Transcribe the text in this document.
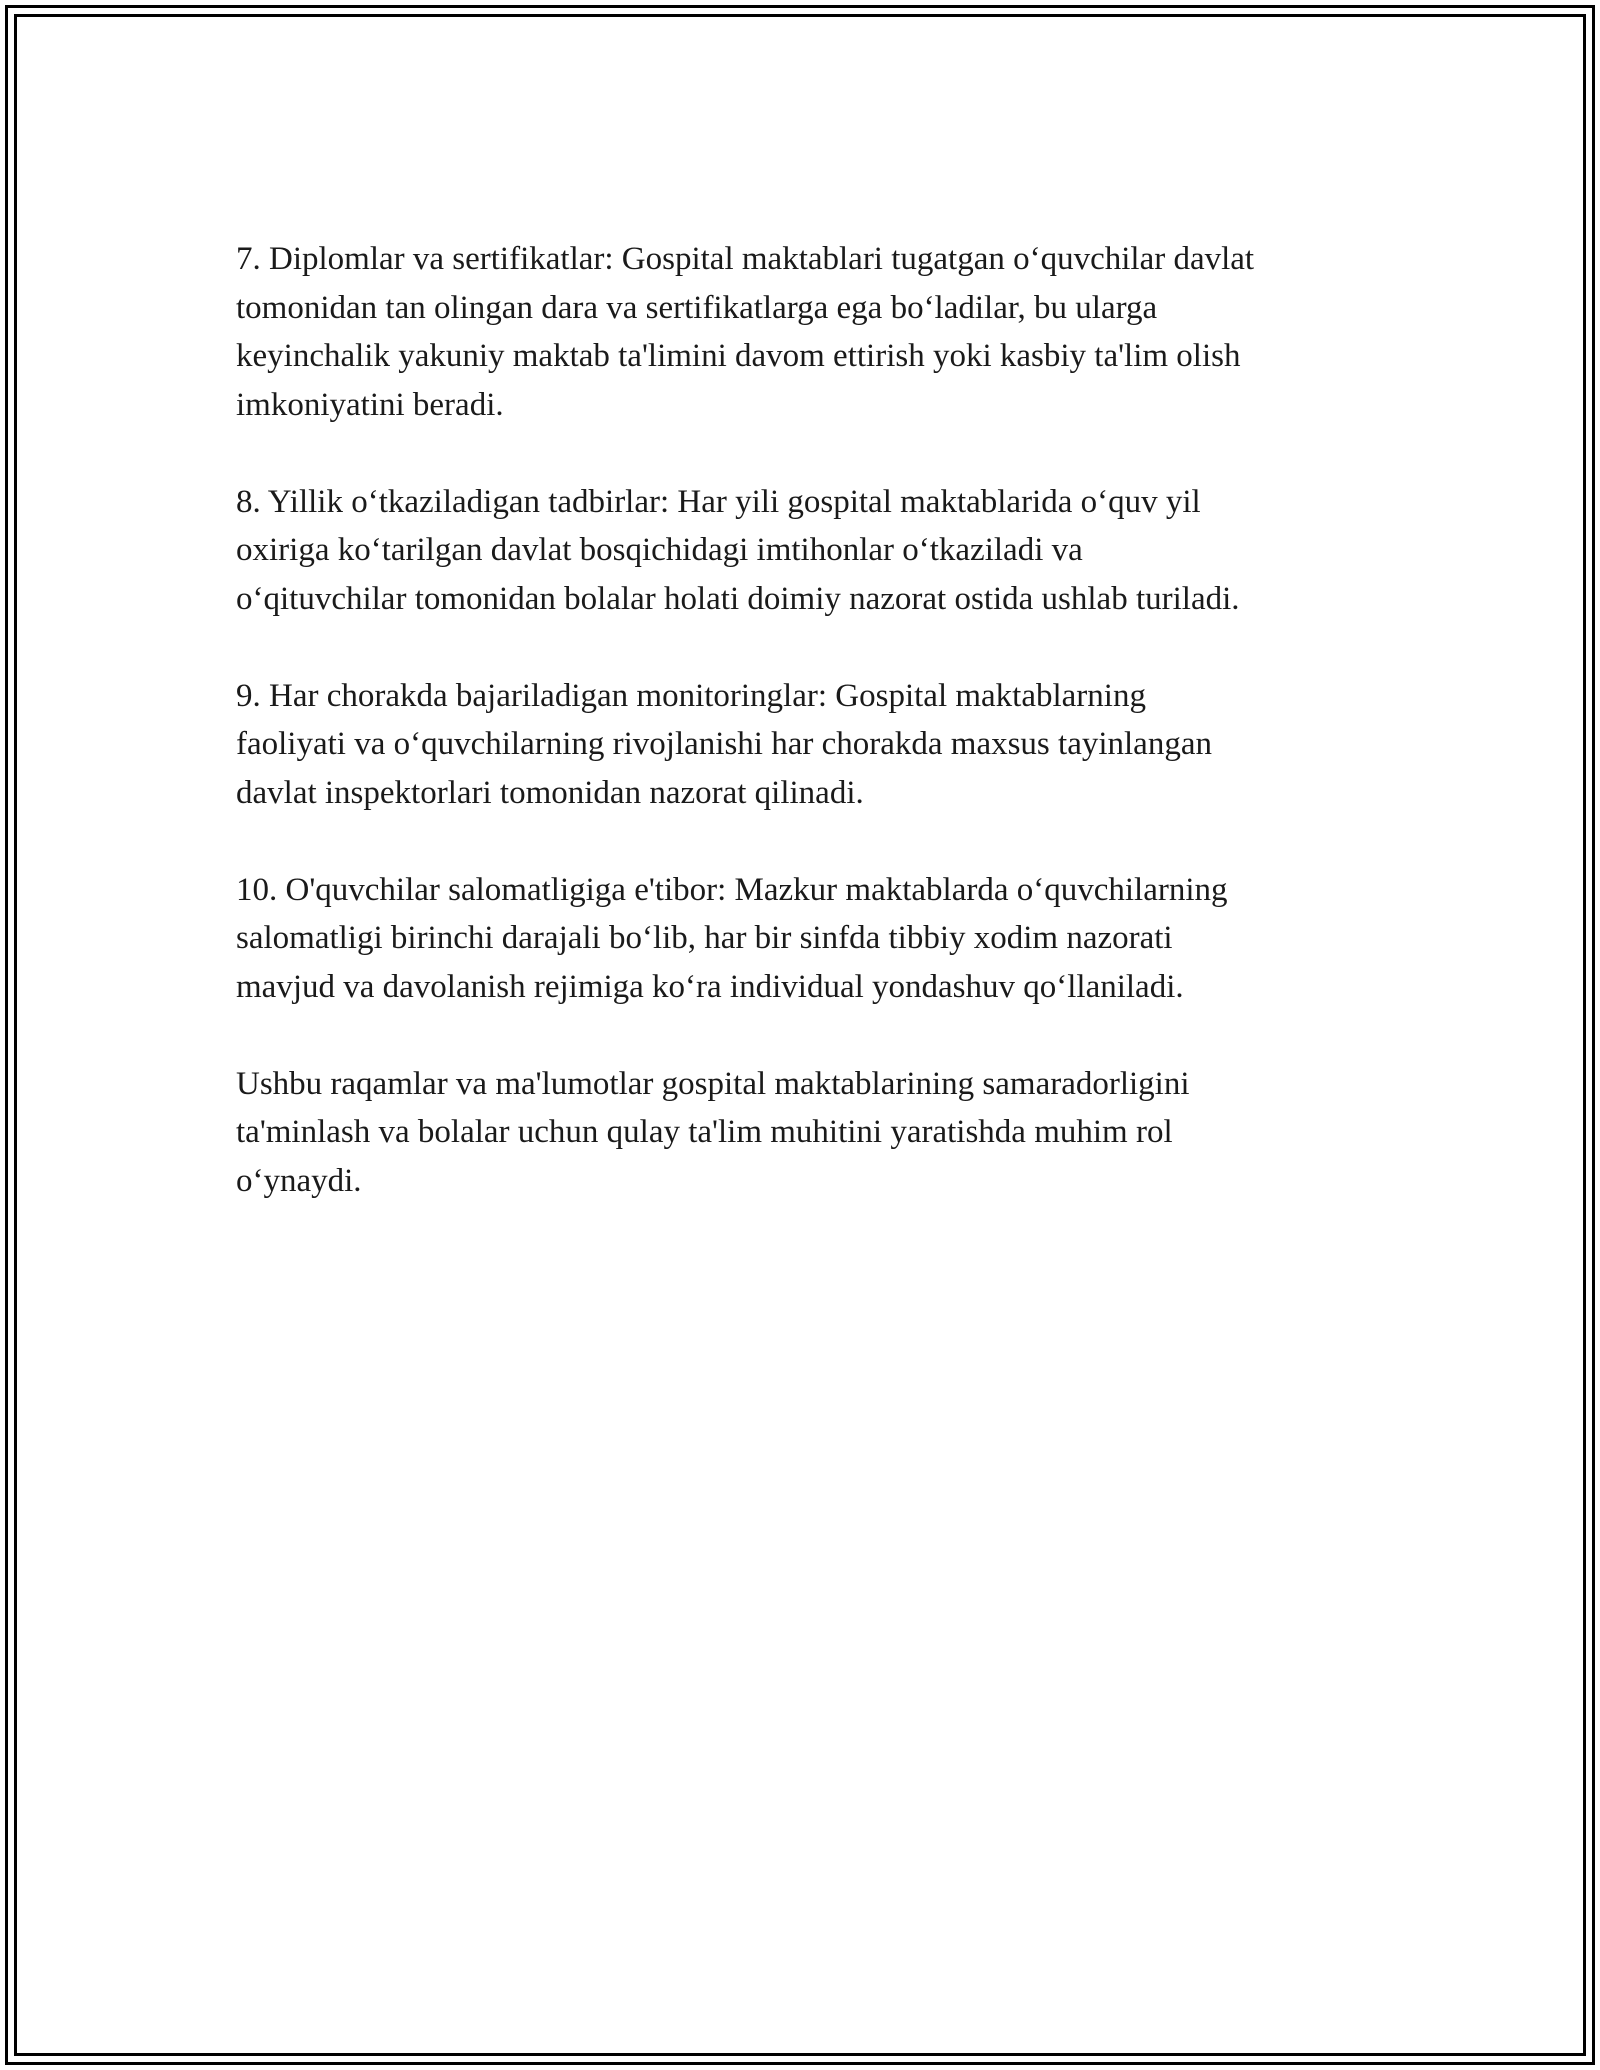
7. Diplomlar va sertifikatlar: Gospital maktablari tugatgan o‘quvchilar davlat
tomonidan tan olingan dara va sertifikatlarga ega bo‘ladilar, bu ularga
keyinchalik yakuniy maktab ta'limini davom ettirish yoki kasbiy ta'lim olish
imkoniyatini beradi.

8. Yillik o‘tkaziladigan tadbirlar: Har yili gospital maktablarida o‘quv yil
oxiriga ko‘tarilgan davlat bosqichidagi imtihonlar o‘tkaziladi va
o‘qituvchilar tomonidan bolalar holati doimiy nazorat ostida ushlab turiladi.

9. Har chorakda bajariladigan monitoringlar: Gospital maktablarning
faoliyati va o‘quvchilarning rivojlanishi har chorakda maxsus tayinlangan
davlat inspektorlari tomonidan nazorat qilinadi.

10. O'quvchilar salomatligiga e'tibor: Mazkur maktablarda o‘quvchilarning
salomatligi birinchi darajali bo‘lib, har bir sinfda tibbiy xodim nazorati
mavjud va davolanish rejimiga ko‘ra individual yondashuv qo‘llaniladi.

Ushbu raqamlar va ma'lumotlar gospital maktablarining samaradorligini
ta'minlash va bolalar uchun qulay ta'lim muhitini yaratishda muhim rol
o‘ynaydi.
